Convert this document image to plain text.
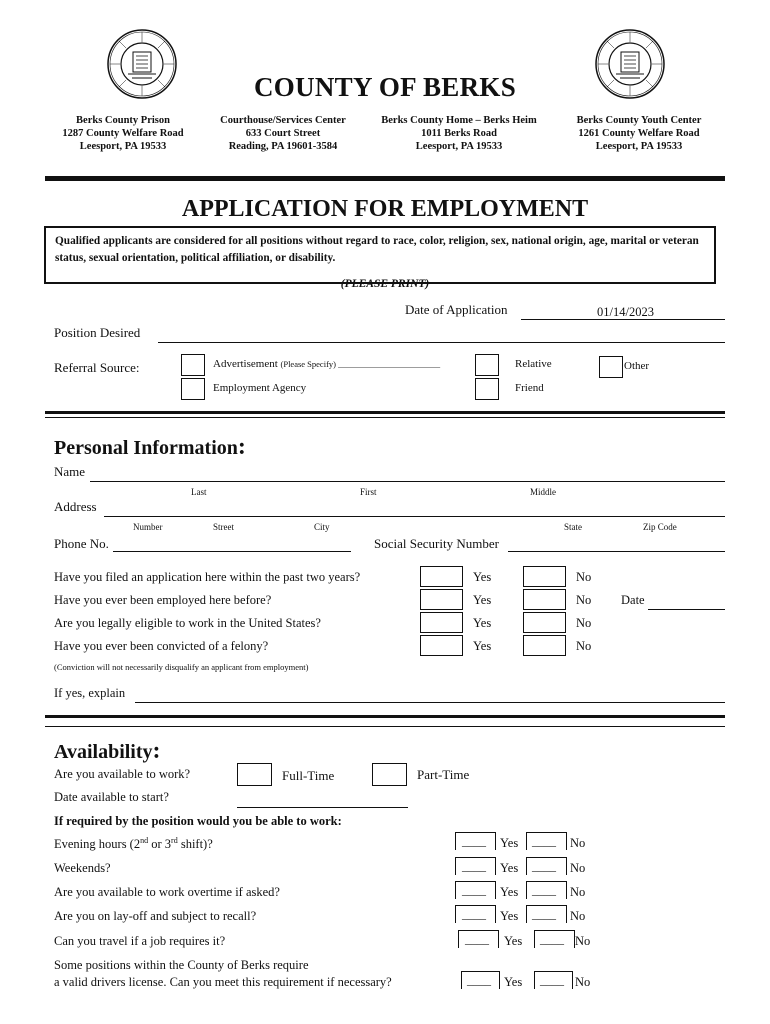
COUNTY OF BERKS
Berks County Prison
1287 County Welfare Road
Leesport, PA 19533
Courthouse/Services Center
633 Court Street
Reading, PA 19601-3584
Berks County Home – Berks Heim
1011 Berks Road
Leesport, PA 19533
Berks County Youth Center
1261 County Welfare Road
Leesport, PA 19533
APPLICATION FOR EMPLOYMENT
Qualified applicants are considered for all positions without regard to race, color, religion, sex, national origin, age, marital or veteran status, sexual orientation, political affiliation, or disability.
(PLEASE PRINT)
Date of Application	01/14/2023
Position Desired
Referral Source:	Advertisement (Please Specify) ________________________
Employment Agency
Relative
Friend
Other
Personal Information:
Name
Last	First	Middle
Address
Number	Street	City	State	Zip Code
Phone No.	Social Security Number
Have you filed an application here within the past two years?	Yes	No
Have you ever been employed here before?	Yes	No Date
Are you legally eligible to work in the United States?	Yes	No
Have you ever been convicted of a felony?	Yes	No
(Conviction will not necessarily disqualify an applicant from employment)
If yes, explain
Availability:
Are you available to work?	Full-Time	Part-Time
Date available to start?
If required by the position would you be able to work:
Evening hours (2nd or 3rd shift)?	____ Yes ____ No
Weekends?	____ Yes ____ No
Are you available to work overtime if asked?	____ Yes ____ No
Are you on lay-off and subject to recall?	____ Yes ____ No
Can you travel if a job requires it?	____ Yes ____ No
Some positions within the County of Berks require
a valid drivers license. Can you meet this requirement if necessary?	____ Yes ____ No
